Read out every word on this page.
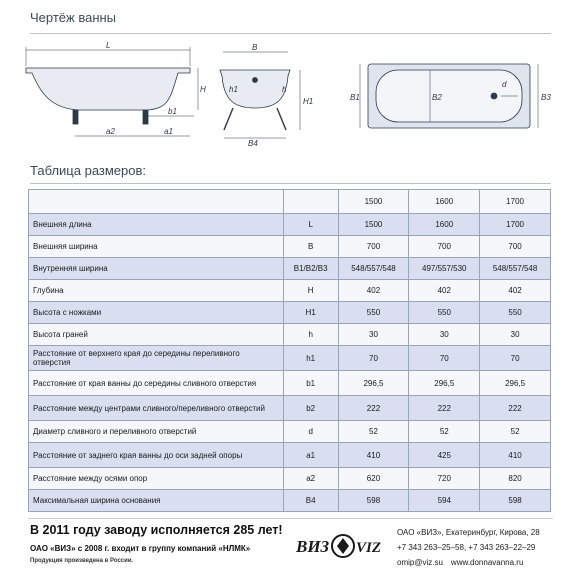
Чертёж ванны
L
H
b1
a2	a1
B
B4
h1	h
H1
d
B1	B2	B3
Таблица размеров:
		1500	1600	1700
Внешняя длина	L	1500	1600	1700
Внешняя ширина	B	700	700	700
Внутренняя ширина	B1/B2/B3	548/557/548	497/557/530	548/557/548
Глубина	H	402	402	402
Высота с ножками	H1	550	550	550
Высота граней	h	30	30	30
Расстояние от верхнего края до середины переливного отверстия	h1	70	70	70
Расстояние от края ванны до середины сливного отверстия	b1	296,5	296,5	296,5
Расстояние между центрами сливного/переливного отверстий	b2	222	222	222
Диаметр сливного и переливного отверстий	d	52	52	52
Расстояние от заднего края ванны до оси задней опоры	a1	410	425	410
Расстояние между осями опор	a2	620	720	820
Максимальная ширина основания	B4	598	594	598
В 2011 году заводу исполняется 285 лет!
ОАО «ВИЗ» с 2008 г. входит в группу компаний «НЛМК»
Продукция произведена в России.
ВИЗ VIZ
ОАО «ВИЗ», Екатеринбург, Кирова, 28
+7 343 263–25–58, +7 343 263–22–29
omip@viz.su www.donnavanna.ru
